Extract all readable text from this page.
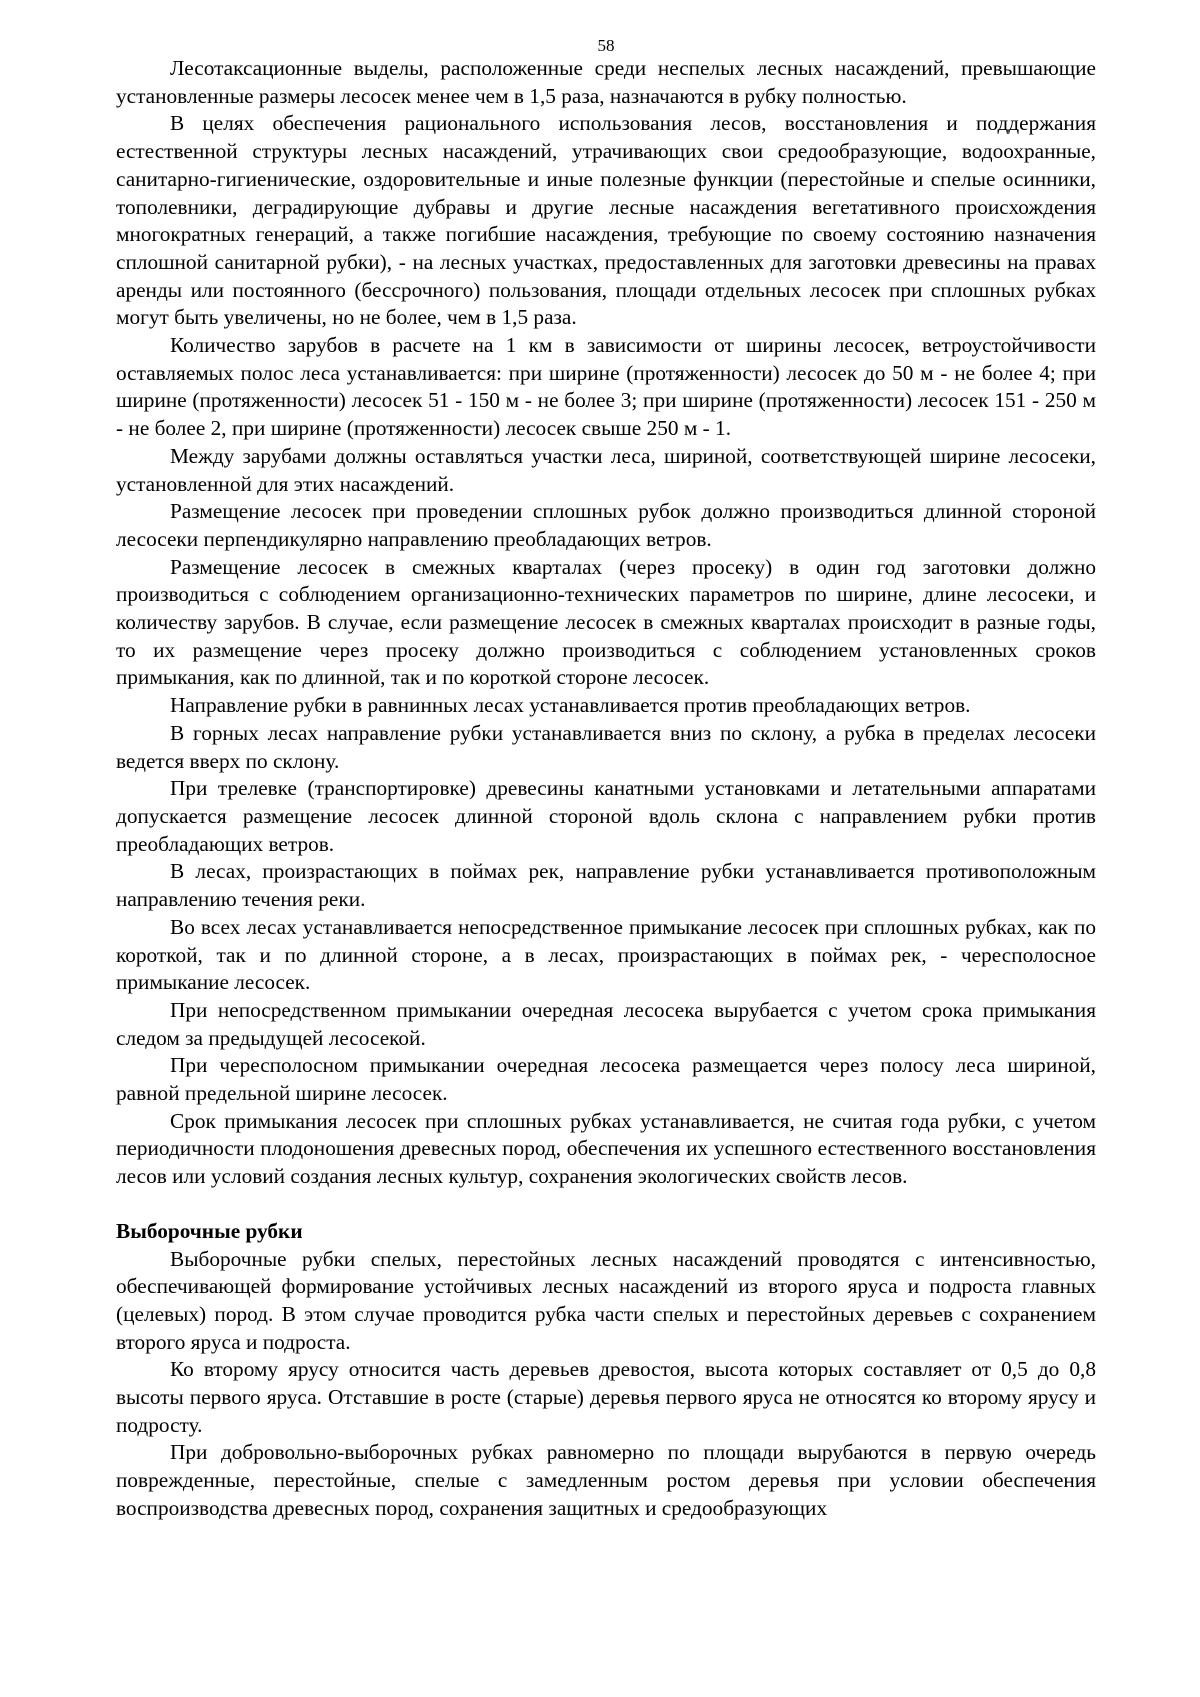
58

Лесотаксационные выделы, расположенные среди неспелых лесных насаждений, превышающие установленные размеры лесосек менее чем в 1,5 раза, назначаются в рубку полностью.

В целях обеспечения рационального использования лесов, восстановления и поддержания естественной структуры лесных насаждений, утрачивающих свои средообразующие, водоохранные, санитарно-гигиенические, оздоровительные и иные полезные функции (перестойные и спелые осинники, тополевники, деградирующие дубравы и другие лесные насаждения вегетативного происхождения многократных генераций, а также погибшие насаждения, требующие по своему состоянию назначения сплошной санитарной рубки), - на лесных участках, предоставленных для заготовки древесины на правах аренды или постоянного (бессрочного) пользования, площади отдельных лесосек при сплошных рубках могут быть увеличены, но не более, чем в 1,5 раза.

Количество зарубов в расчете на 1 км в зависимости от ширины лесосек, ветроустойчивости оставляемых полос леса устанавливается: при ширине (протяженности) лесосек до 50 м - не более 4; при ширине (протяженности) лесосек 51 - 150 м - не более 3; при ширине (протяженности) лесосек 151 - 250 м - не более 2, при ширине (протяженности) лесосек свыше 250 м - 1.

Между зарубами должны оставляться участки леса, шириной, соответствующей ширине лесосеки, установленной для этих насаждений.

Размещение лесосек при проведении сплошных рубок должно производиться длинной стороной лесосеки перпендикулярно направлению преобладающих ветров.

Размещение лесосек в смежных кварталах (через просеку) в один год заготовки должно производиться с соблюдением организационно-технических параметров по ширине, длине лесосеки, и количеству зарубов. В случае, если размещение лесосек в смежных кварталах происходит в разные годы, то их размещение через просеку должно производиться с соблюдением установленных сроков примыкания, как по длинной, так и по короткой стороне лесосек.

Направление рубки в равнинных лесах устанавливается против преобладающих ветров.

В горных лесах направление рубки устанавливается вниз по склону, а рубка в пределах лесосеки ведется вверх по склону.

При трелевке (транспортировке) древесины канатными установками и летательными аппаратами допускается размещение лесосек длинной стороной вдоль склона с направлением рубки против преобладающих ветров.

В лесах, произрастающих в поймах рек, направление рубки устанавливается противоположным направлению течения реки.

Во всех лесах устанавливается непосредственное примыкание лесосек при сплошных рубках, как по короткой, так и по длинной стороне, а в лесах, произрастающих в поймах рек, - чересполосное примыкание лесосек.

При непосредственном примыкании очередная лесосека вырубается с учетом срока примыкания следом за предыдущей лесосекой.

При чересполосном примыкании очередная лесосека размещается через полосу леса шириной, равной предельной ширине лесосек.

Срок примыкания лесосек при сплошных рубках устанавливается, не считая года рубки, с учетом периодичности плодоношения древесных пород, обеспечения их успешного естественного восстановления лесов или условий создания лесных культур, сохранения экологических свойств лесов.

Выборочные рубки

Выборочные рубки спелых, перестойных лесных насаждений проводятся с интенсивностью, обеспечивающей формирование устойчивых лесных насаждений из второго яруса и подроста главных (целевых) пород. В этом случае проводится рубка части спелых и перестойных деревьев с сохранением второго яруса и подроста.

Ко второму ярусу относится часть деревьев древостоя, высота которых составляет от 0,5 до 0,8 высоты первого яруса. Отставшие в росте (старые) деревья первого яруса не относятся ко второму ярусу и подросту.

При добровольно-выборочных рубках равномерно по площади вырубаются в первую очередь поврежденные, перестойные, спелые с замедленным ростом деревья при условии обеспечения воспроизводства древесных пород, сохранения защитных и средообразующих
